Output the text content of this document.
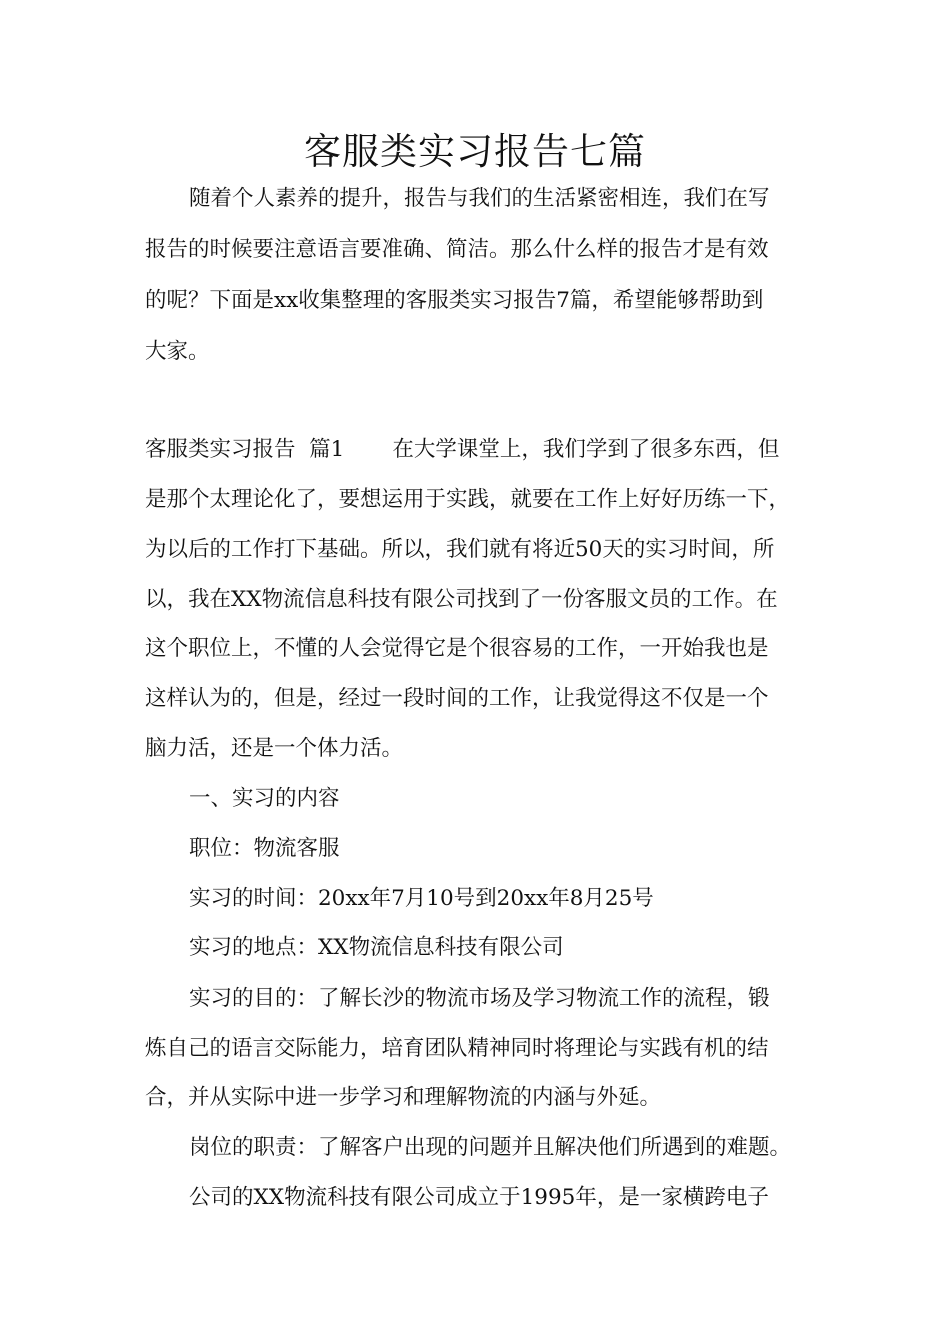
客服类实习报告七篇
随着个人素养的提升，报告与我们的生活紧密相连，我们在写
报告的时候要注意语言要准确、简洁。那么什么样的报告才是有效
的呢？下面是xx收集整理的客服类实习报告7篇，希望能够帮助到
大家。
客服类实习报告  篇1 在大学课堂上，我们学到了很多东西，但
是那个太理论化了，要想运用于实践，就要在工作上好好历练一下，
为以后的工作打下基础。所以，我们就有将近50天的实习时间，所
以，我在XX物流信息科技有限公司找到了一份客服文员的工作。在
这个职位上，不懂的人会觉得它是个很容易的工作，一开始我也是
这样认为的，但是，经过一段时间的工作，让我觉得这不仅是一个
脑力活，还是一个体力活。
一、实习的内容
职位：物流客服
实习的时间：20xx年7月10号到20xx年8月25号
实习的地点：XX物流信息科技有限公司
实习的目的：了解长沙的物流市场及学习物流工作的流程，锻
炼自己的语言交际能力，培育团队精神同时将理论与实践有机的结
合，并从实际中进一步学习和理解物流的内涵与外延。
岗位的职责：了解客户出现的问题并且解决他们所遇到的难题。
公司的XX物流科技有限公司成立于1995年，是一家横跨电子
